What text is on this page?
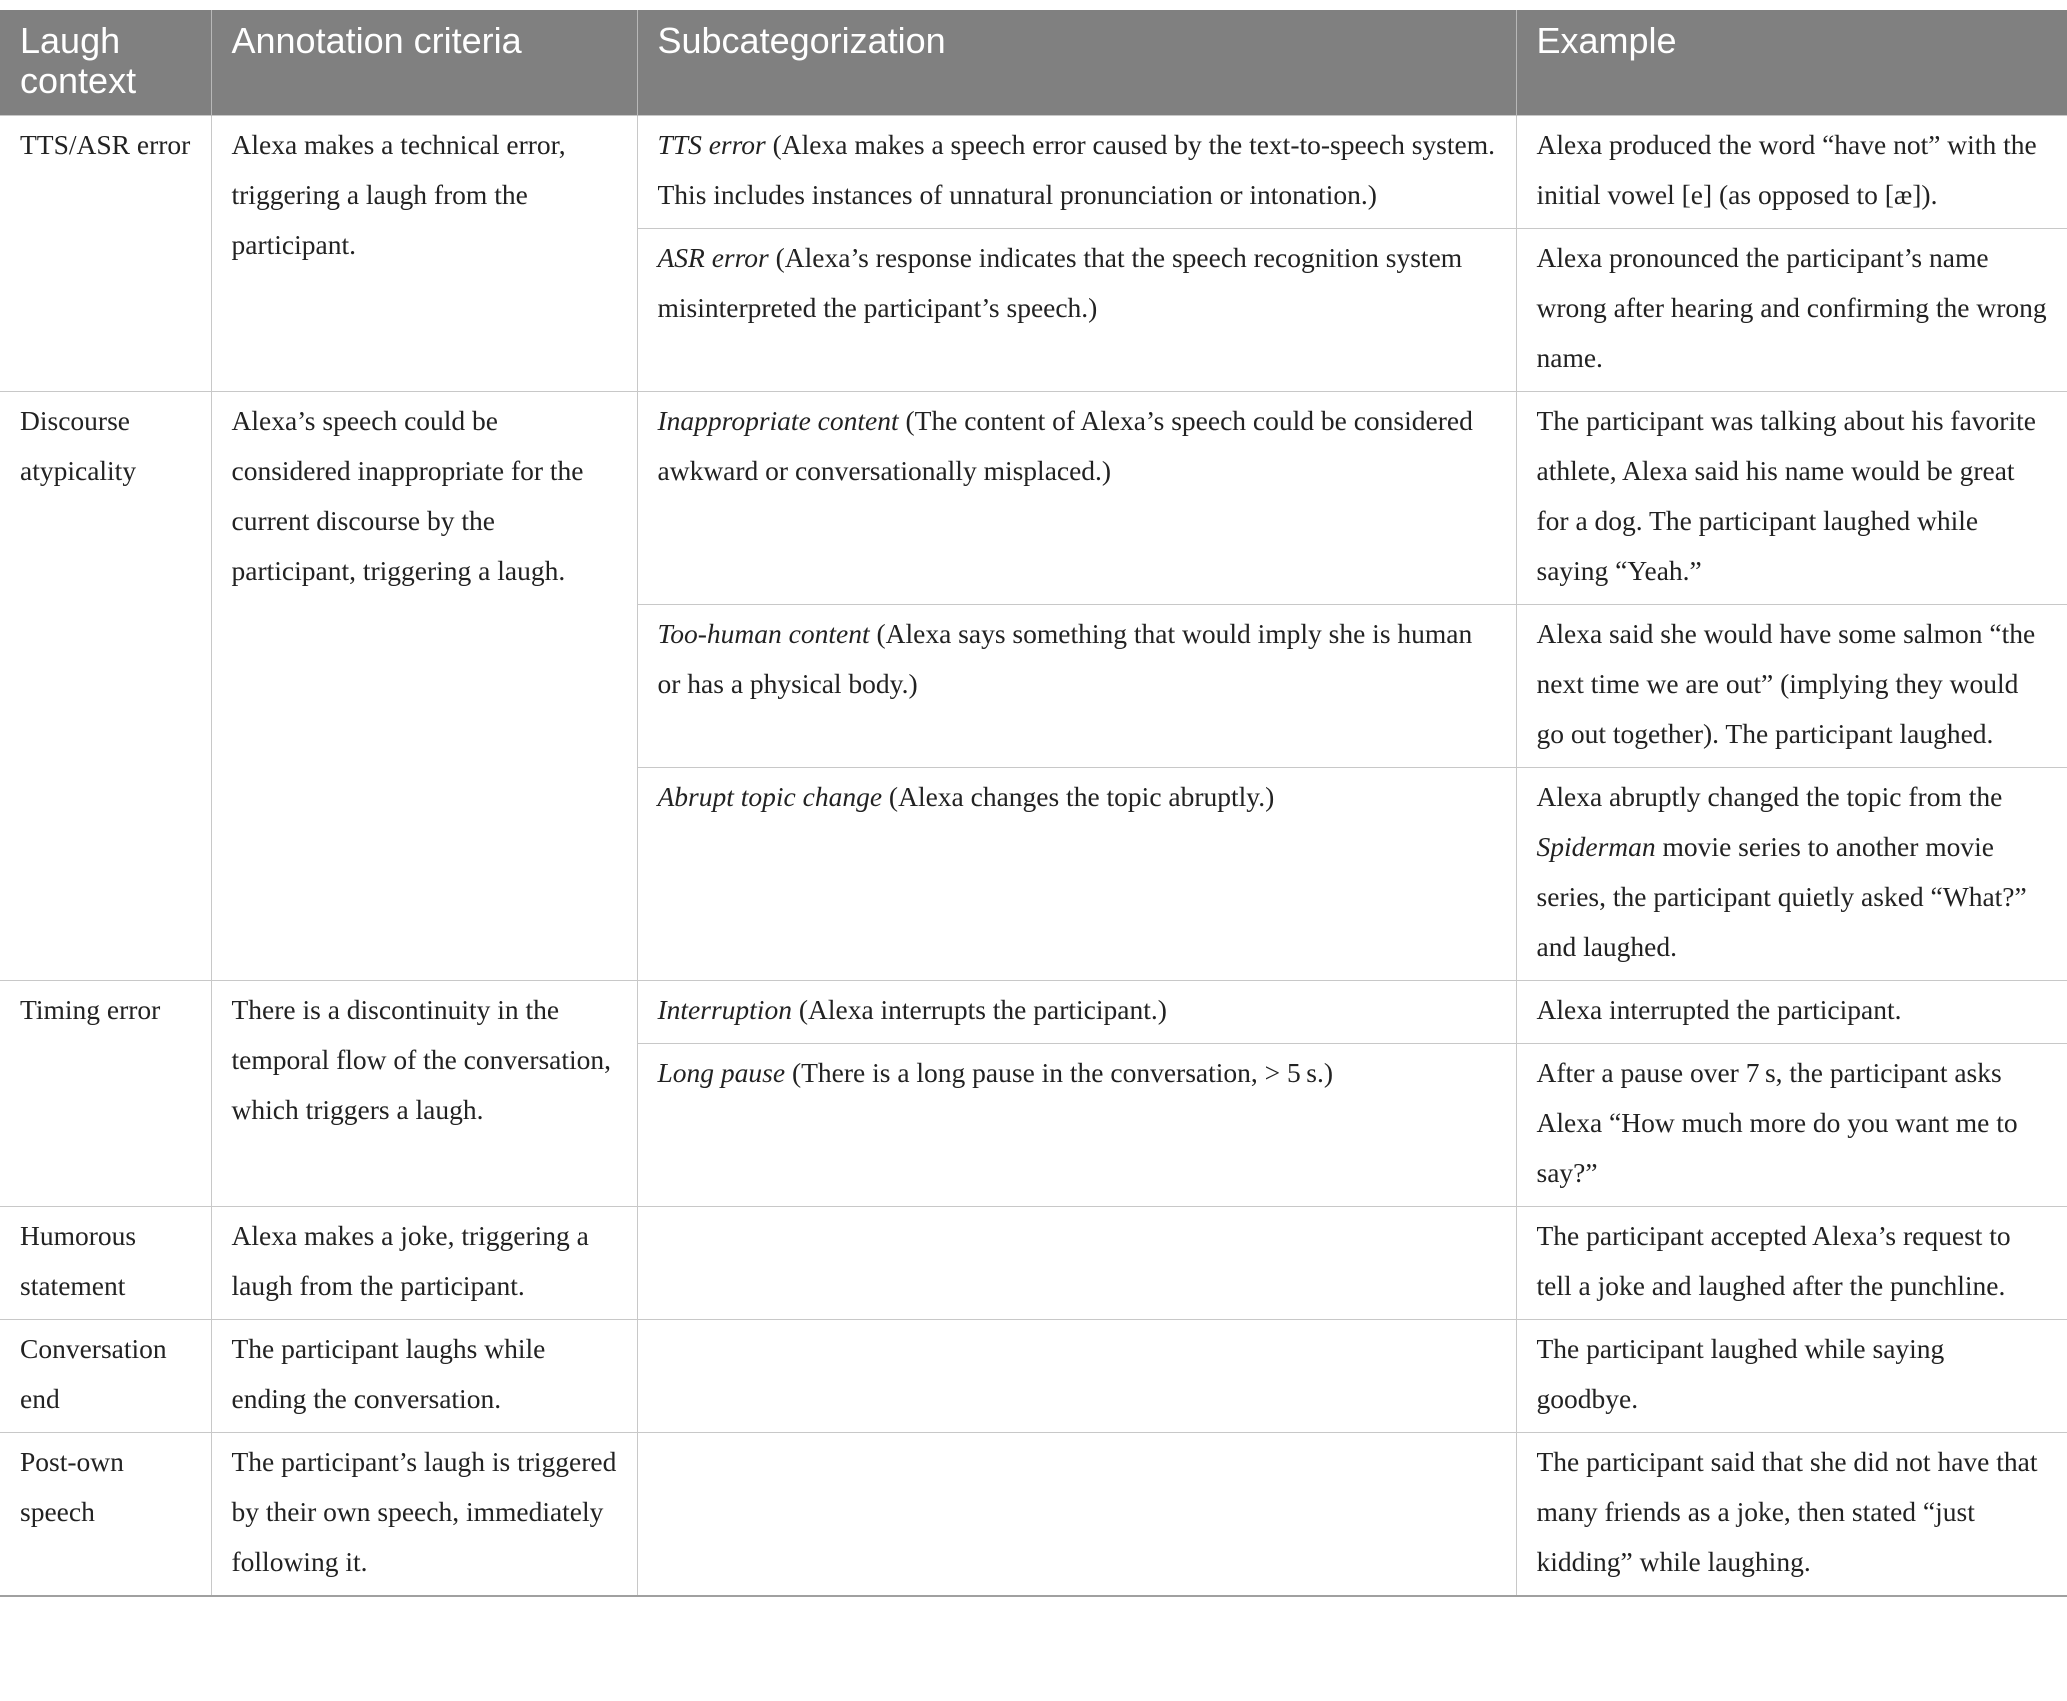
Laugh context	Annotation criteria	Subcategorization	Example
TTS/ASR error	Alexa makes a technical error, triggering a laugh from the participant.	TTS error (Alexa makes a speech error caused by the text-to-speech system. This includes instances of unnatural pronunciation or intonation.)	Alexa produced the word “have not” with the initial vowel [e] (as opposed to [æ]).
		ASR error (Alexa’s response indicates that the speech recognition system misinterpreted the participant’s speech.)	Alexa pronounced the participant’s name wrong after hearing and confirming the wrong name.
Discourse atypicality	Alexa’s speech could be considered inappropriate for the current discourse by the participant, triggering a laugh.	Inappropriate content (The content of Alexa’s speech could be considered awkward or conversationally misplaced.)	The participant was talking about his favorite athlete, Alexa said his name would be great for a dog. The participant laughed while saying “Yeah.”
		Too-human content (Alexa says something that would imply she is human or has a physical body.)	Alexa said she would have some salmon “the next time we are out” (implying they would go out together). The participant laughed.
		Abrupt topic change (Alexa changes the topic abruptly.)	Alexa abruptly changed the topic from the Spiderman movie series to another movie series, the participant quietly asked “What?” and laughed.
Timing error	There is a discontinuity in the temporal flow of the conversation, which triggers a laugh.	Interruption (Alexa interrupts the participant.)	Alexa interrupted the participant.
		Long pause (There is a long pause in the conversation, > 5 s.)	After a pause over 7 s, the participant asks Alexa “How much more do you want me to say?”
Humorous statement	Alexa makes a joke, triggering a laugh from the participant.		The participant accepted Alexa’s request to tell a joke and laughed after the punchline.
Conversation end	The participant laughs while ending the conversation.		The participant laughed while saying goodbye.
Post-own speech	The participant’s laugh is triggered by their own speech, immediately following it.		The participant said that she did not have that many friends as a joke, then stated “just kidding” while laughing.
